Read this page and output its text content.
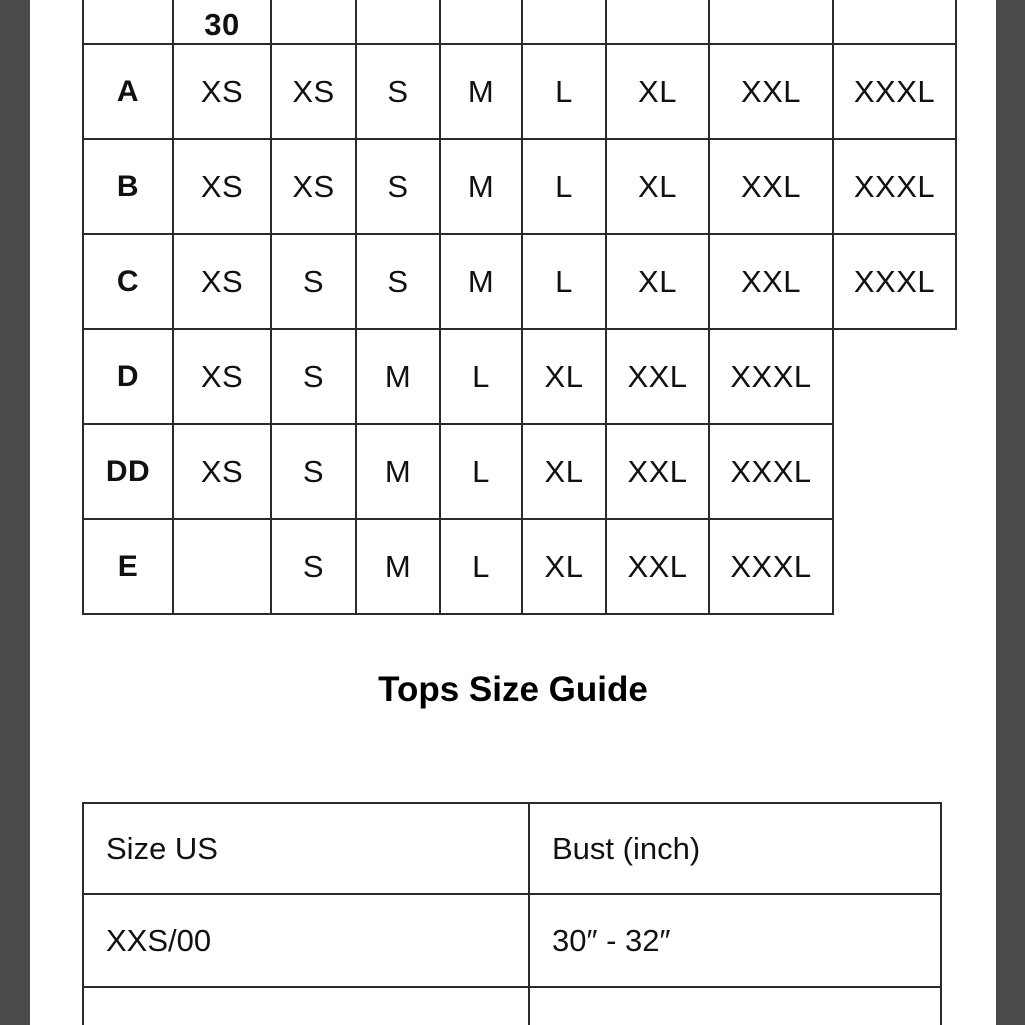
	30							
A	XS	XS	S	M	L	XL	XXL	XXXL
B	XS	XS	S	M	L	XL	XXL	XXXL
C	XS	S	S	M	L	XL	XXL	XXXL
D	XS	S	M	L	XL	XXL	XXXL	
DD	XS	S	M	L	XL	XXL	XXXL	
E		S	M	L	XL	XXL	XXXL	
Tops Size Guide
Size US	Bust (inch)
XXS/00	30″ - 32″
